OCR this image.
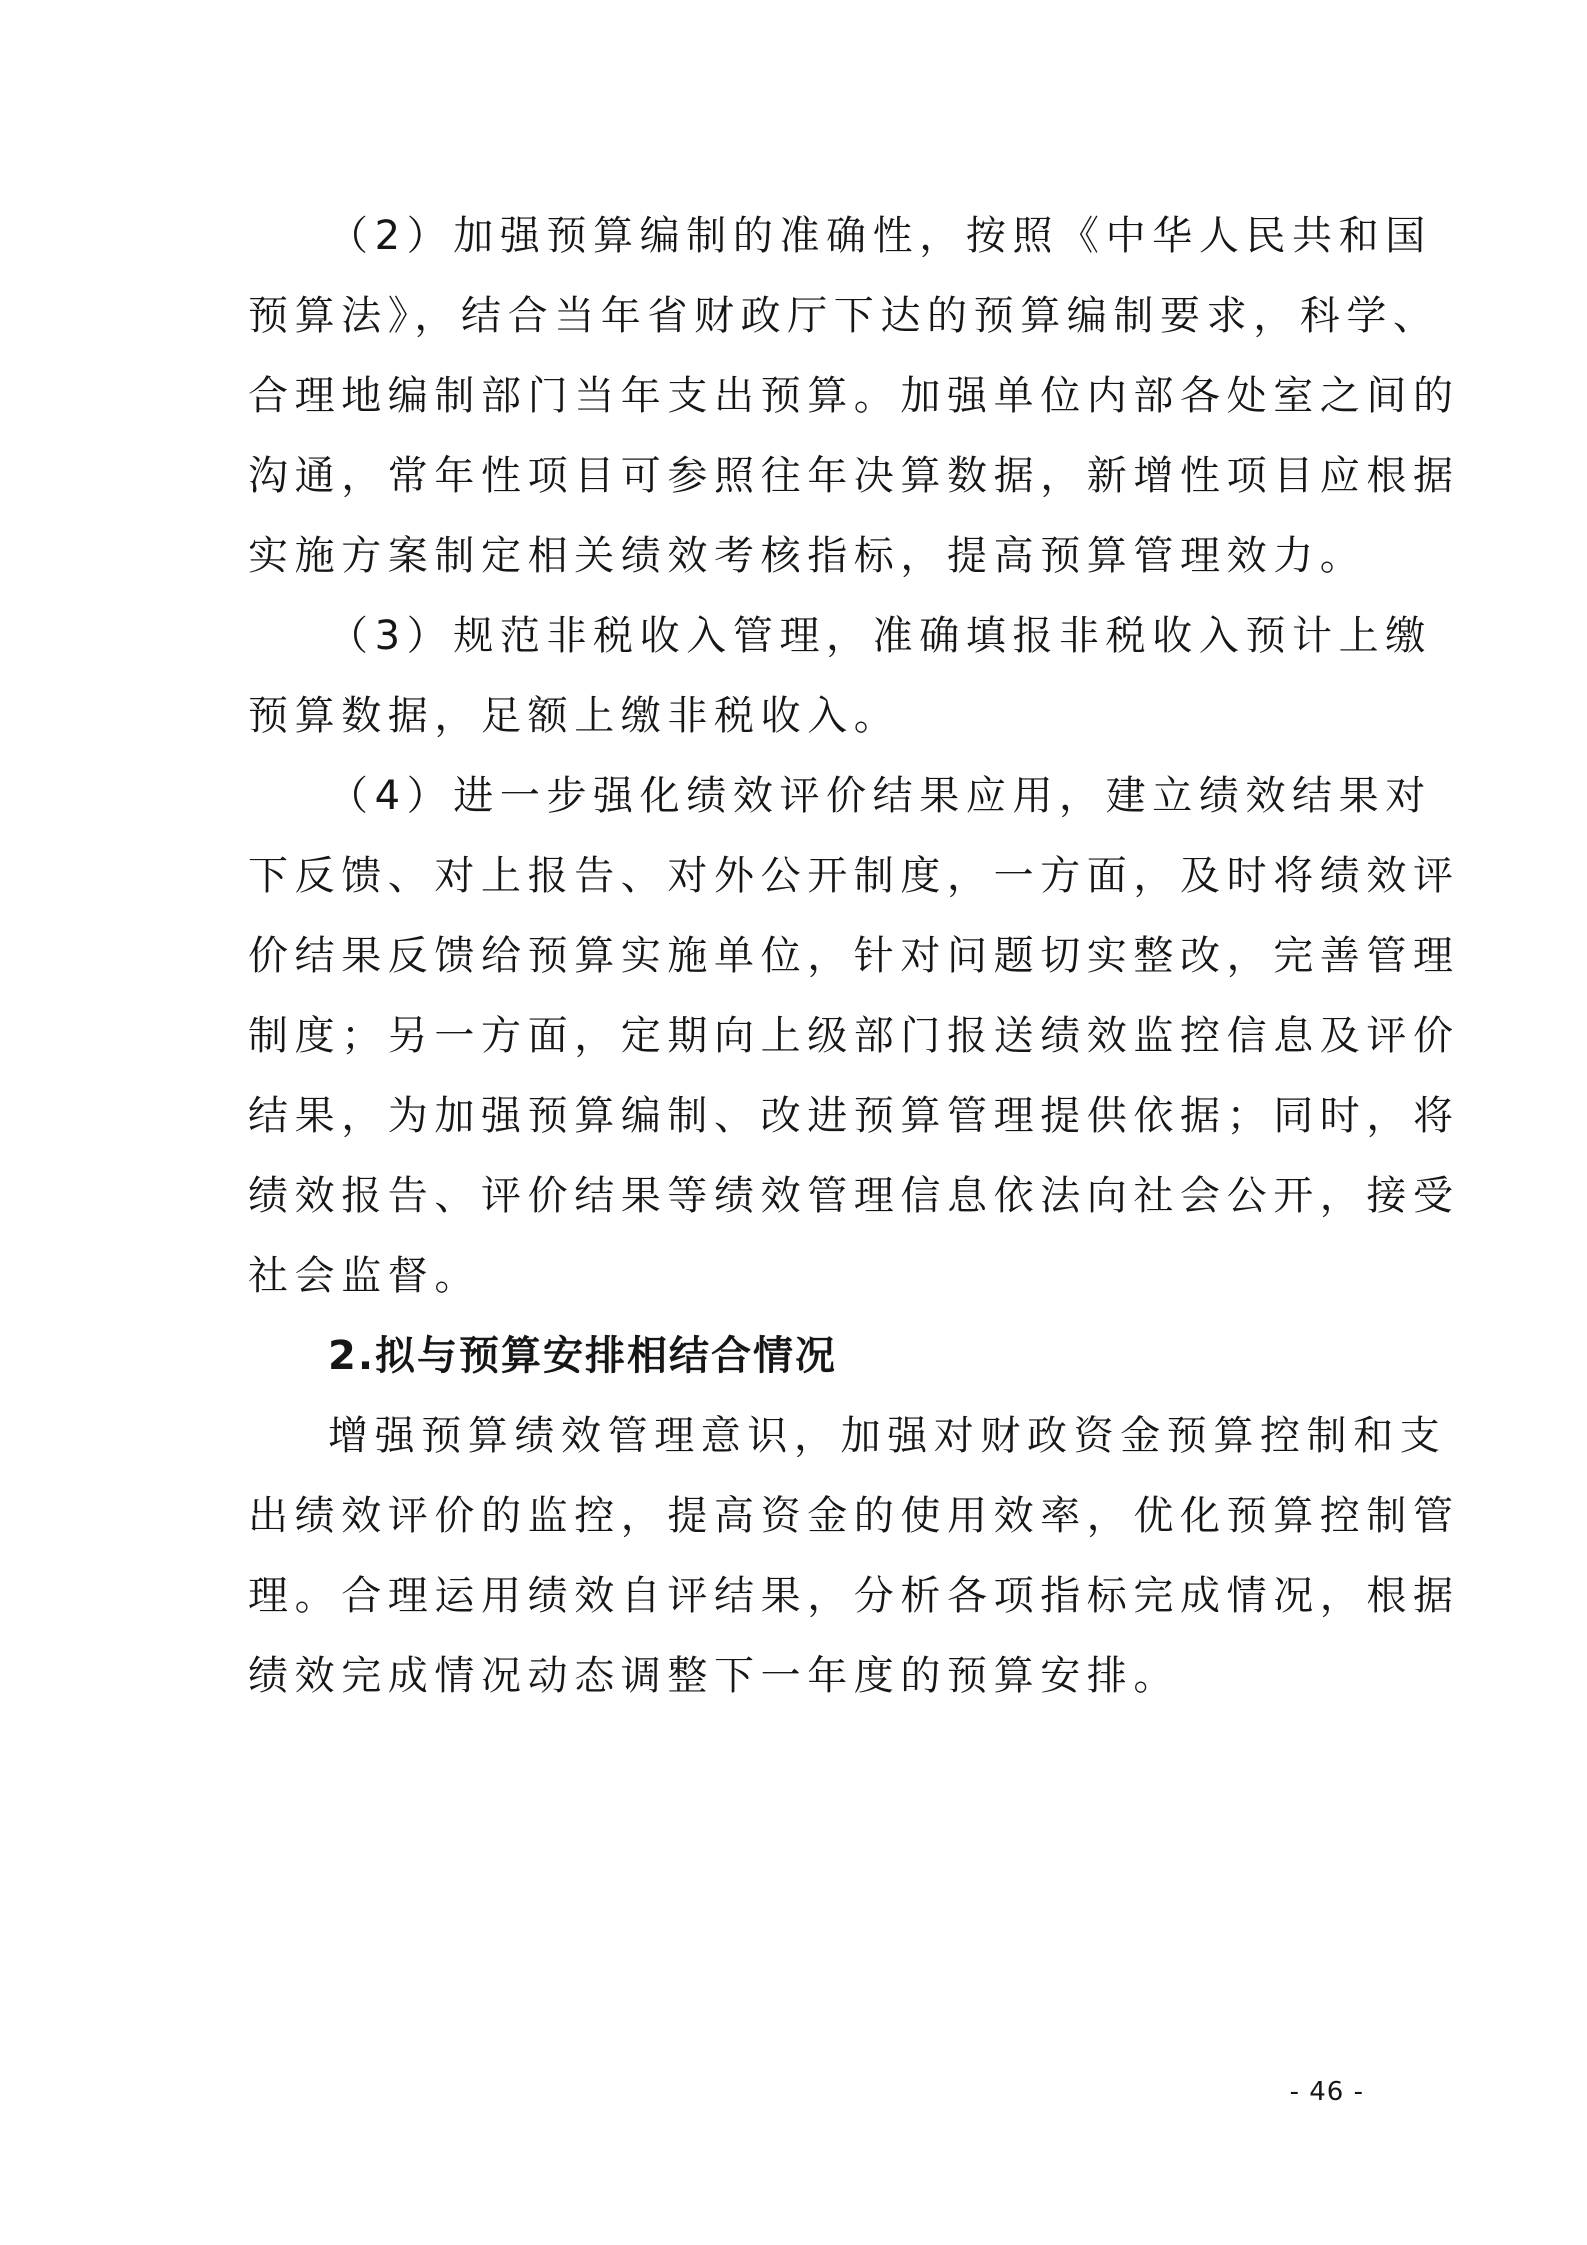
（2）加强预算编制的准确性，按照《中华人民共和国
预算法》，结合当年省财政厅下达的预算编制要求，科学、
合理地编制部门当年支出预算。加强单位内部各处室之间的
沟通，常年性项目可参照往年决算数据，新增性项目应根据
实施方案制定相关绩效考核指标，提高预算管理效力。
（3）规范非税收入管理，准确填报非税收入预计上缴
预算数据，足额上缴非税收入。
（4）进一步强化绩效评价结果应用，建立绩效结果对
下反馈、对上报告、对外公开制度，一方面，及时将绩效评
价结果反馈给预算实施单位，针对问题切实整改，完善管理
制度；另一方面，定期向上级部门报送绩效监控信息及评价
结果，为加强预算编制、改进预算管理提供依据；同时，将
绩效报告、评价结果等绩效管理信息依法向社会公开，接受
社会监督。
2.拟与预算安排相结合情况
增强预算绩效管理意识，加强对财政资金预算控制和支
出绩效评价的监控，提高资金的使用效率，优化预算控制管
理。合理运用绩效自评结果，分析各项指标完成情况，根据
绩效完成情况动态调整下一年度的预算安排。
- 46 -
